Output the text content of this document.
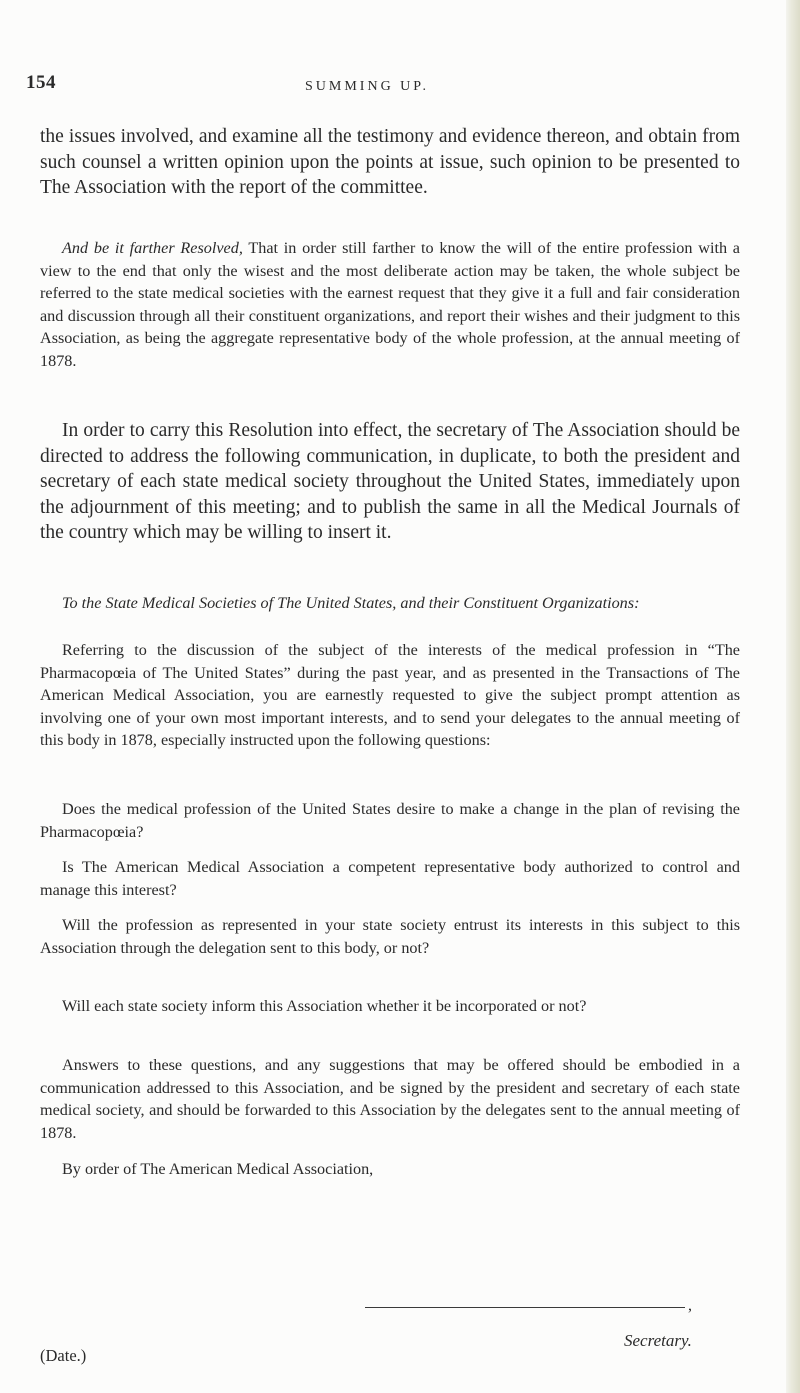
154	SUMMING UP.

the issues involved, and examine all the testimony and evidence thereon, and obtain from such counsel a written opinion upon the points at issue, such opinion to be presented to The Association with the report of the committee.

And be it farther Resolved, That in order still farther to know the will of the entire profession with a view to the end that only the wisest and the most deliberate action may be taken, the whole subject be referred to the state medical societies with the earnest request that they give it a full and fair consideration and discussion through all their constituent organizations, and report their wishes and their judgment to this Association, as being the aggregate representative body of the whole profession, at the annual meeting of 1878.

In order to carry this Resolution into effect, the secretary of The Association should be directed to address the following communication, in duplicate, to both the president and secretary of each state medical society throughout the United States, immediately upon the adjournment of this meeting; and to publish the same in all the Medical Journals of the country which may be willing to insert it.

To the State Medical Societies of The United States, and their Constituent Organizations:

Referring to the discussion of the subject of the interests of the medical profession in “The Pharmacopœia of The United States” during the past year, and as presented in the Transactions of The American Medical Association, you are earnestly requested to give the subject prompt attention as involving one of your own most important interests, and to send your delegates to the annual meeting of this body in 1878, especially instructed upon the following questions:

Does the medical profession of the United States desire to make a change in the plan of revising the Pharmacopœia?

Is The American Medical Association a competent representative body authorized to control and manage this interest?

Will the profession as represented in your state society entrust its interests in this subject to this Association through the delegation sent to this body, or not?

Will each state society inform this Association whether it be incorporated or not?

Answers to these questions, and any suggestions that may be offered should be embodied in a communication addressed to this Association, and be signed by the president and secretary of each state medical society, and should be forwarded to this Association by the delegates sent to the annual meeting of 1878.

By order of The American Medical Association,

,
Secretary.
(Date.)
